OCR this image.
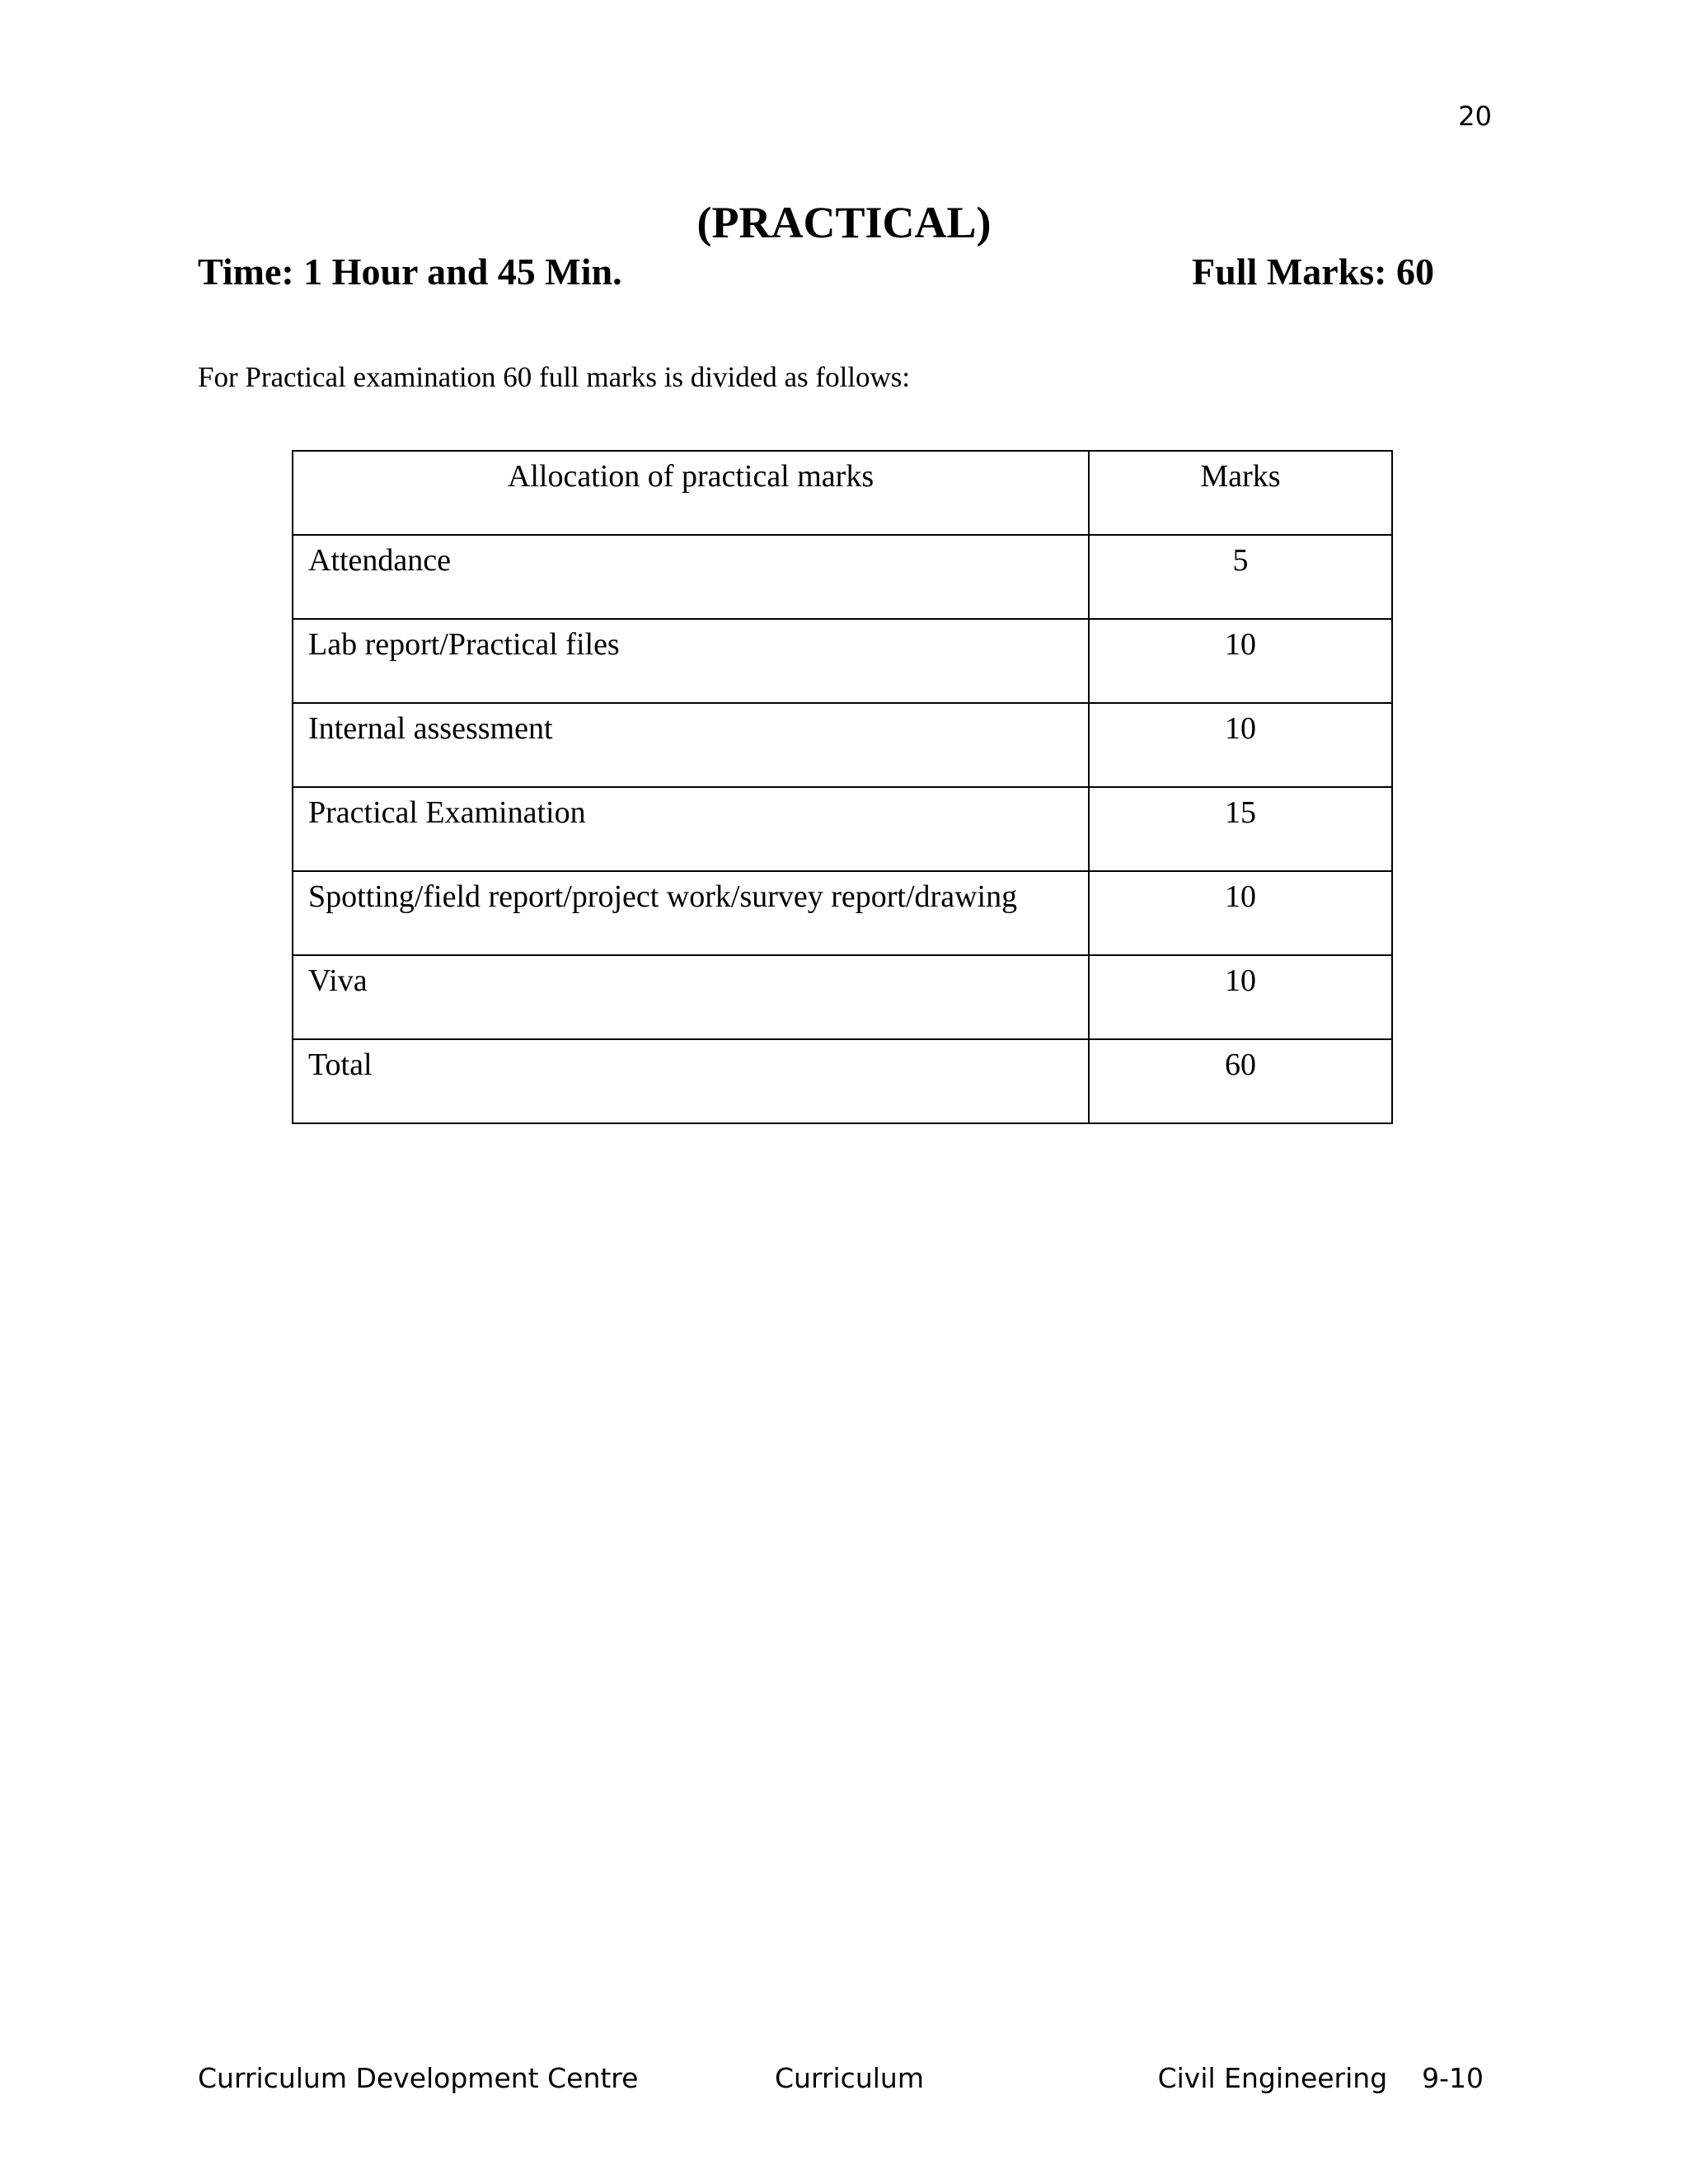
20
(PRACTICAL)
Time: 1 Hour and 45 Min.	Full Marks: 60
For Practical examination 60 full marks is divided as follows:
Allocation of practical marks	Marks

Attendance	5

Lab report/Practical files	10

Internal assessment	10

Practical Examination	15

Spotting/field report/project work/survey report/drawing	10

Viva	10

Total	60
Curriculum Development Centre	Curriculum	Civil Engineering    9-10
